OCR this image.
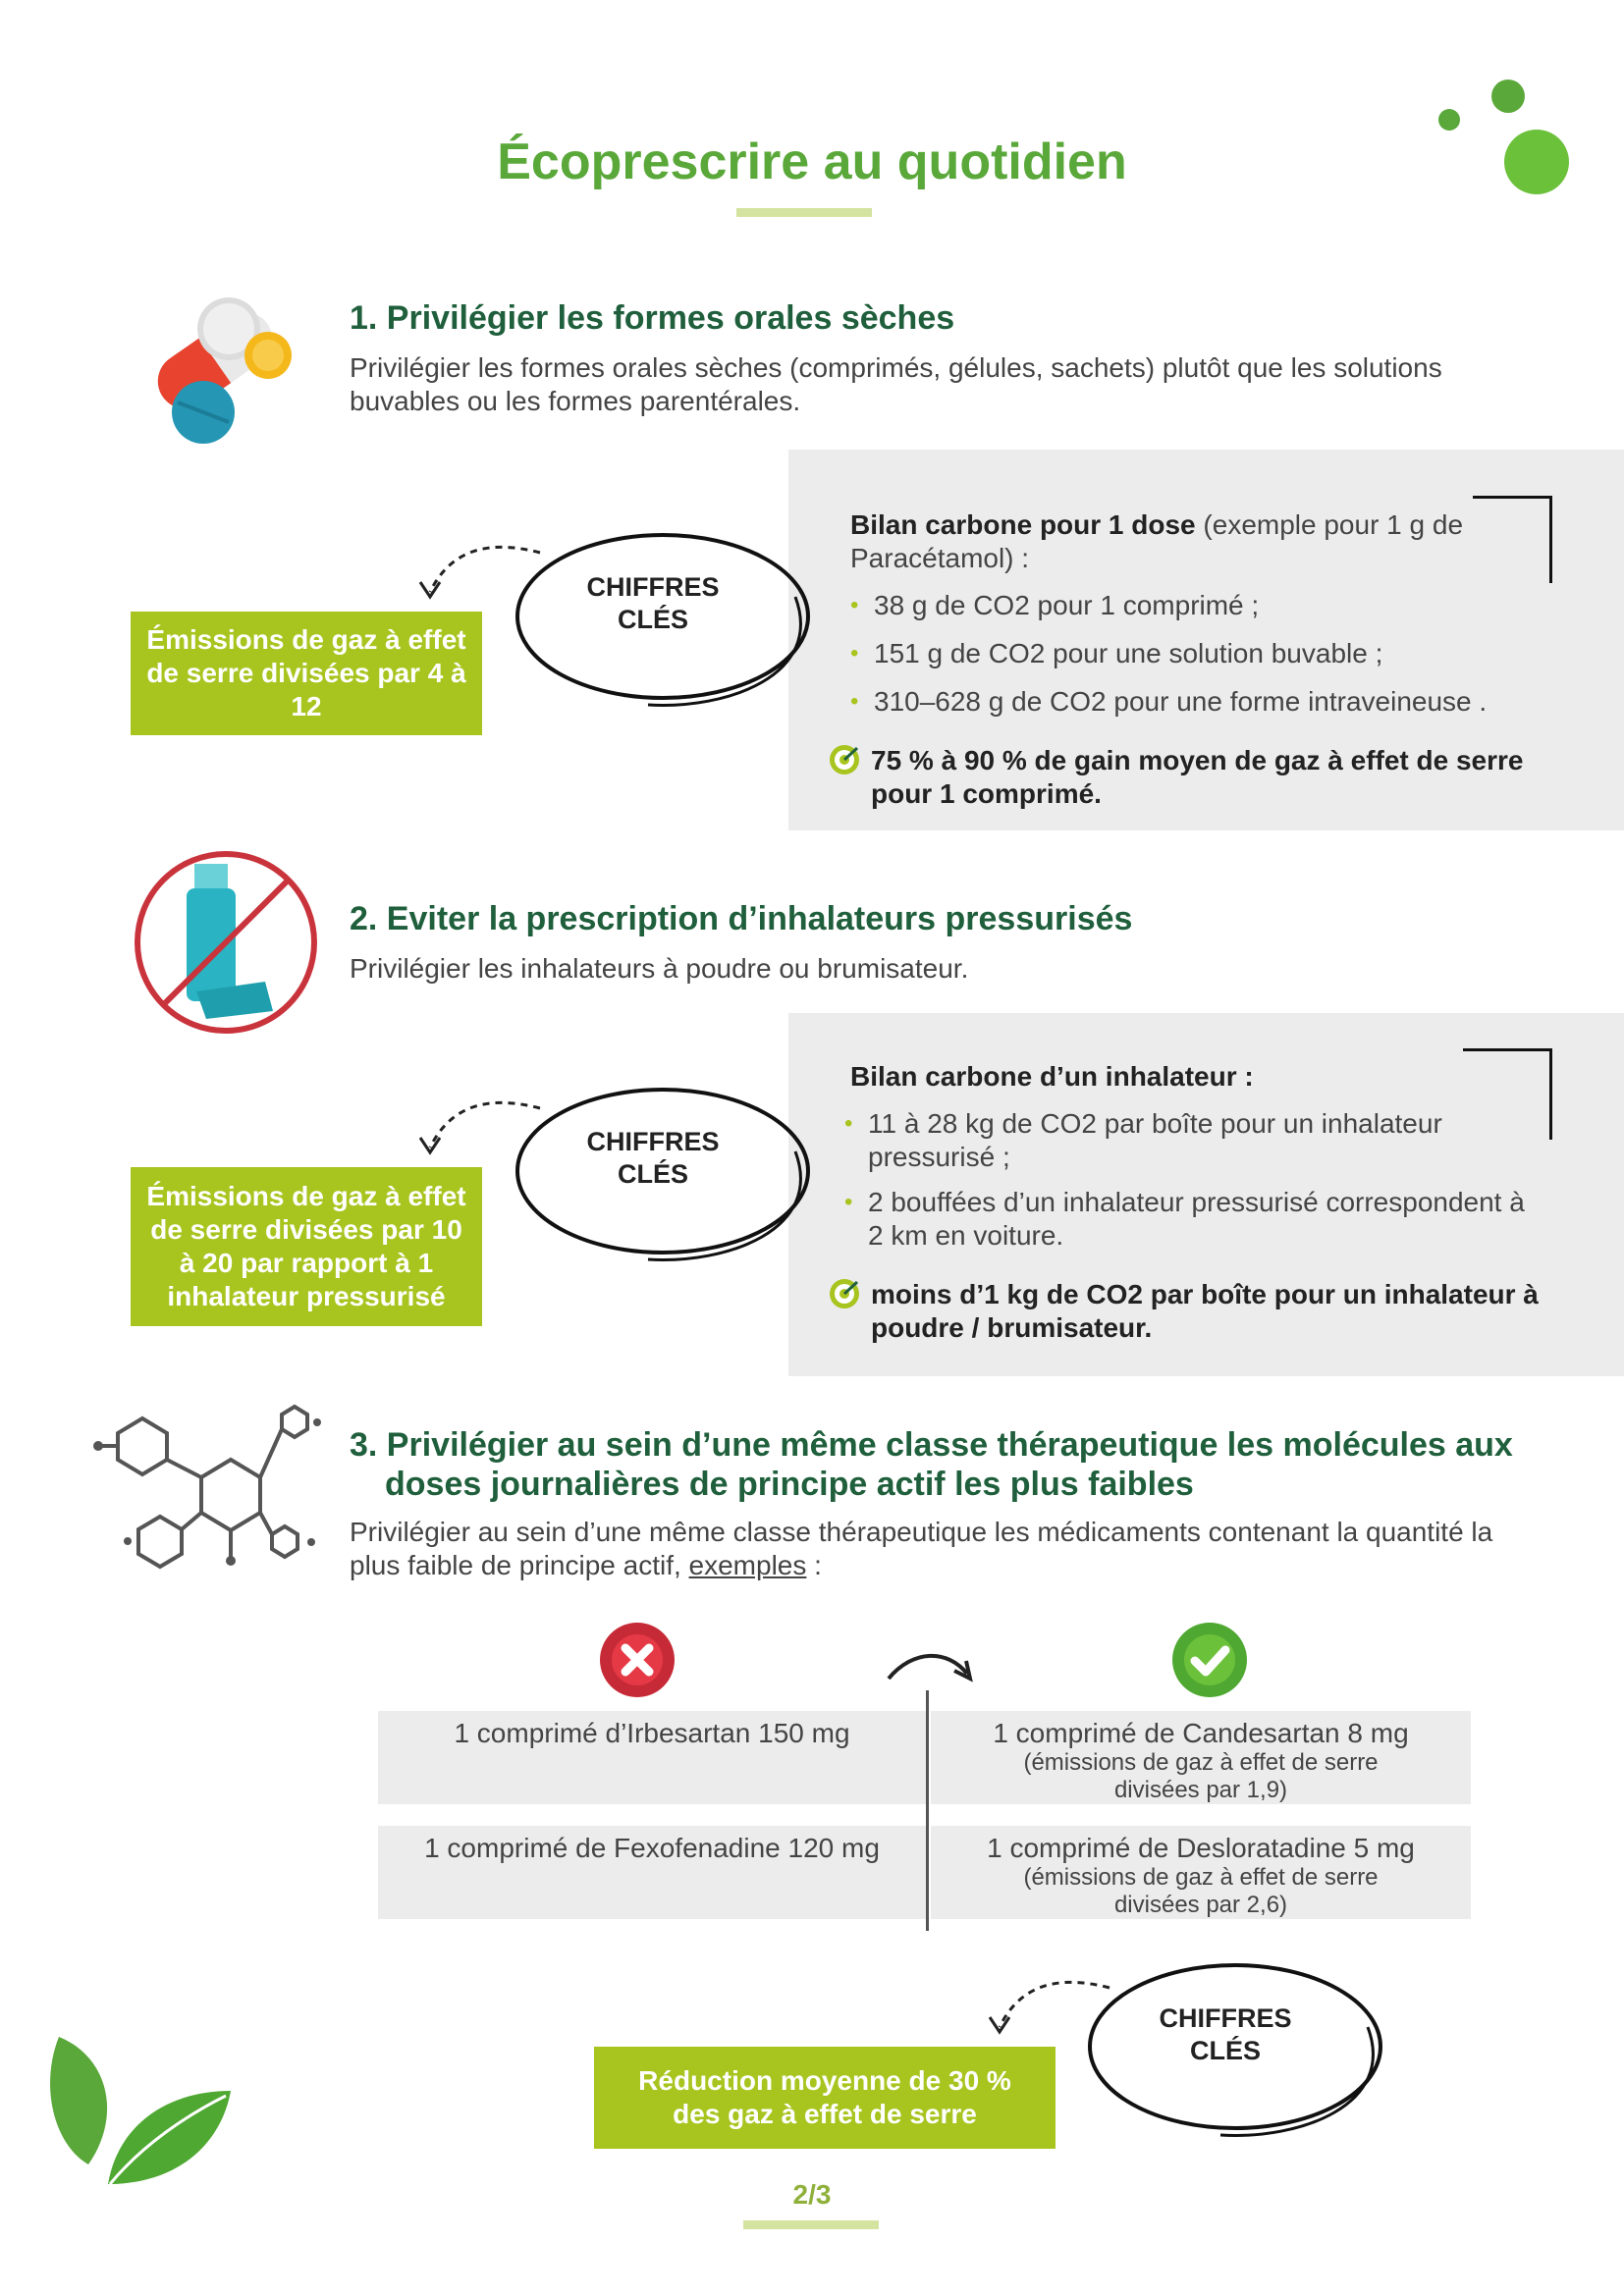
Écoprescrire au quotidien
1. Privilégier les formes orales sèches
Privilégier les formes orales sèches (comprimés, gélules, sachets) plutôt que les solutions buvables ou les formes parentérales.
Bilan carbone pour 1 dose (exemple pour 1 g de Paracétamol) :
• 38 g de CO2 pour 1 comprimé ;
• 151 g de CO2 pour une solution buvable ;
• 310–628 g de CO2 pour une forme intraveineuse .
75 % à 90 % de gain moyen de gaz à effet de serre pour 1 comprimé.
CHIFFRES
CLÉS
Émissions de gaz à effet de serre divisées par 4 à 12
2. Eviter la prescription d’inhalateurs pressurisés
Privilégier les inhalateurs à poudre ou brumisateur.
Bilan carbone d’un inhalateur :
• 11 à 28 kg de CO2 par boîte pour un inhalateur pressurisé ;
• 2 bouffées d’un inhalateur pressurisé correspondent à 2 km en voiture.
moins d’1 kg de CO2 par boîte pour un inhalateur à poudre / brumisateur.
CHIFFRES
CLÉS
Émissions de gaz à effet de serre divisées par 10 à 20 par rapport à 1 inhalateur pressurisé
3. Privilégier au sein d’une même classe thérapeutique les molécules aux
doses journalières de principe actif les plus faibles
Privilégier au sein d’une même classe thérapeutique les médicaments contenant la quantité la plus faible de principe actif, exemples :
1 comprimé d’Irbesartan 150 mg	1 comprimé de Candesartan 8 mg
(émissions de gaz à effet de serre divisées par 1,9)
1 comprimé de Fexofenadine 120 mg	1 comprimé de Desloratadine 5 mg
(émissions de gaz à effet de serre divisées par 2,6)
CHIFFRES
CLÉS
Réduction moyenne de 30 % des gaz à effet de serre
2/3
